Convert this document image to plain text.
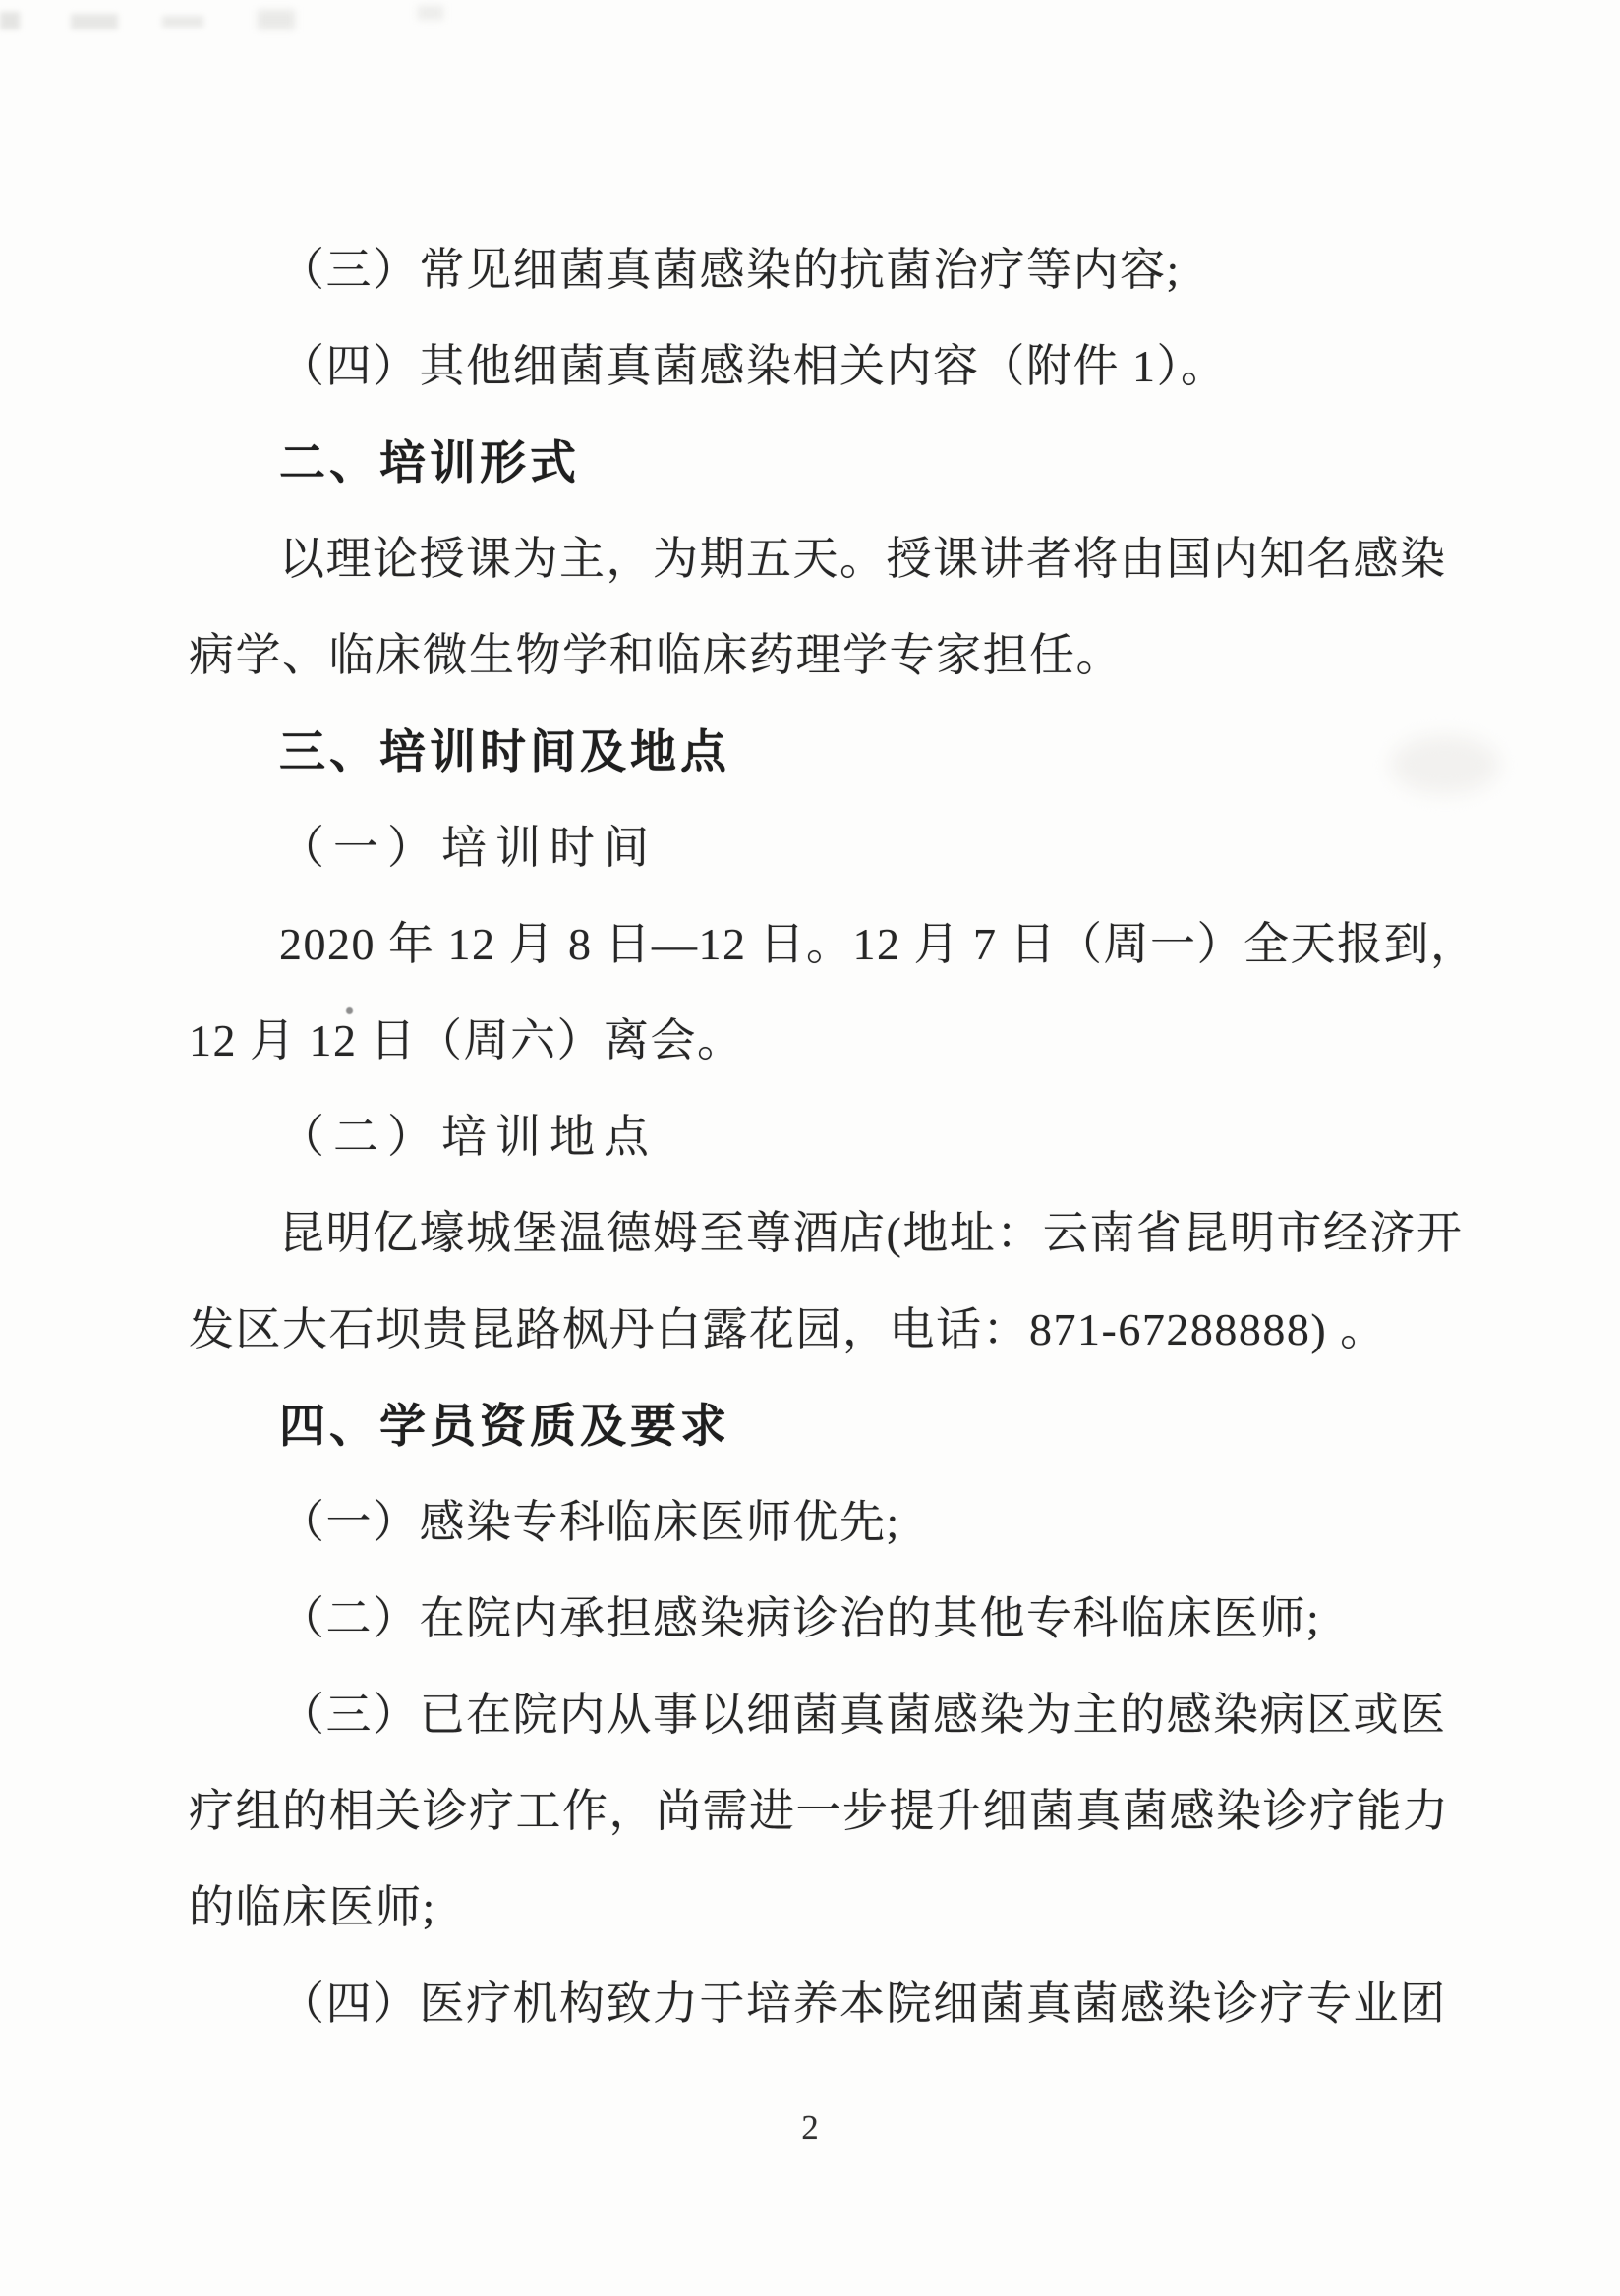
（三）常见细菌真菌感染的抗菌治疗等内容;
（四）其他细菌真菌感染相关内容（附件 1）。
二、培训形式
以理论授课为主，为期五天。授课讲者将由国内知名感染
病学、临床微生物学和临床药理学专家担任。
三、培训时间及地点
（一）培训时间
2020 年 12 月 8 日—12 日。12 月 7 日（周一）全天报到，
12 月 12 日（周六）离会。
（二）培训地点
昆明亿壕城堡温德姆至尊酒店(地址：云南省昆明市经济开
发区大石坝贵昆路枫丹白露花园，电话：871-67288888) 。
四、学员资质及要求
（一）感染专科临床医师优先;
（二）在院内承担感染病诊治的其他专科临床医师;
（三）已在院内从事以细菌真菌感染为主的感染病区或医
疗组的相关诊疗工作，尚需进一步提升细菌真菌感染诊疗能力
的临床医师;
（四）医疗机构致力于培养本院细菌真菌感染诊疗专业团
2
